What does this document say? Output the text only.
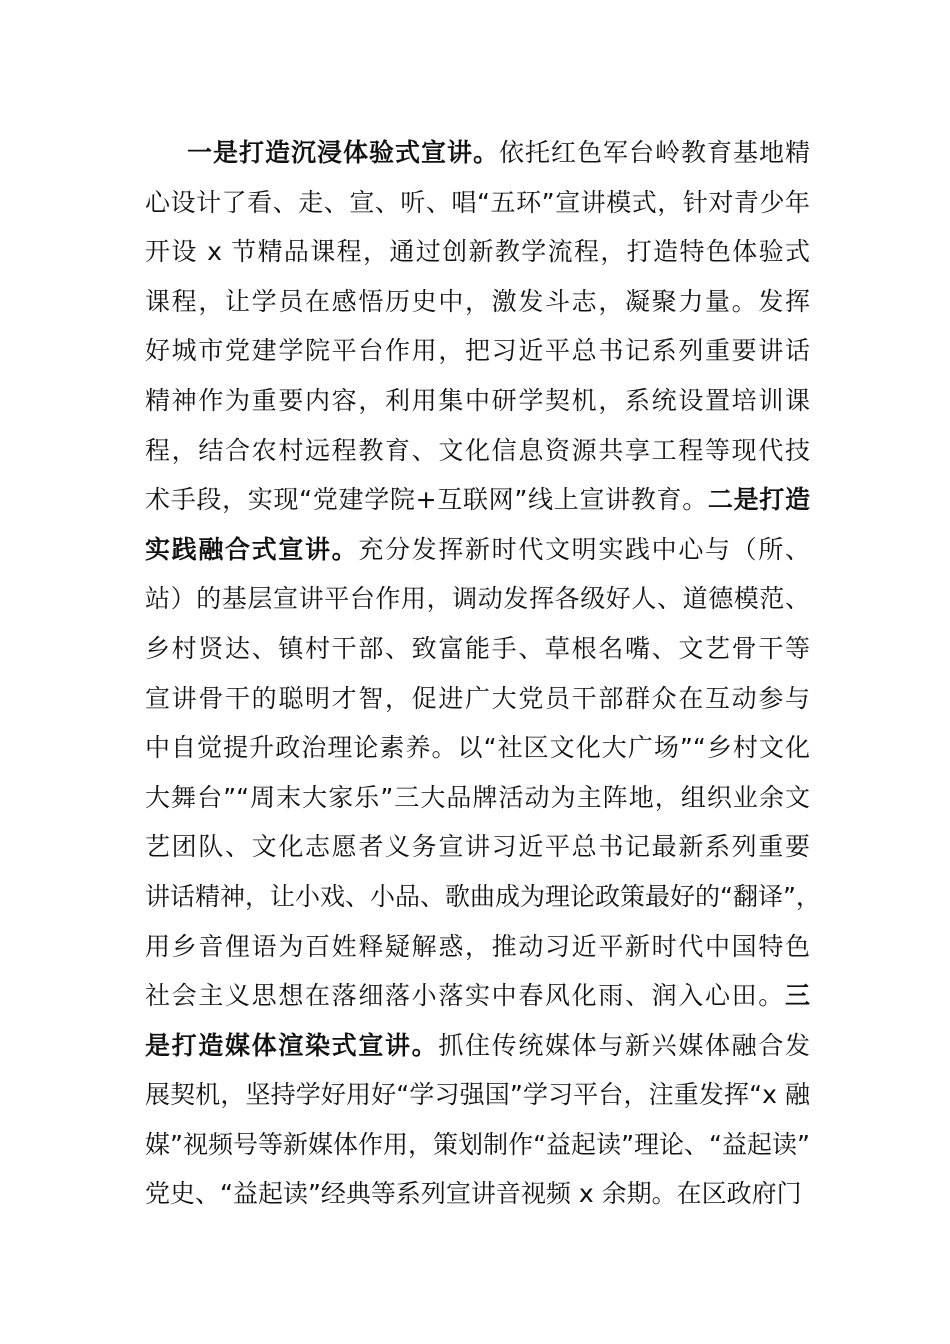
一是打造沉浸体验式宣讲。依托红色军台岭教育基地精
心设计了看、走、宣、听、唱“五环”宣讲模式，针对青少年
开设 x 节精品课程，通过创新教学流程，打造特色体验式
课程，让学员在感悟历史中，激发斗志，凝聚力量。发挥
好城市党建学院平台作用，把习近平总书记系列重要讲话
精神作为重要内容，利用集中研学契机，系统设置培训课
程，结合农村远程教育、文化信息资源共享工程等现代技
术手段，实现“党建学院+互联网”线上宣讲教育。二是打造
实践融合式宣讲。充分发挥新时代文明实践中心与（所、
站）的基层宣讲平台作用，调动发挥各级好人、道德模范、
乡村贤达、镇村干部、致富能手、草根名嘴、文艺骨干等
宣讲骨干的聪明才智，促进广大党员干部群众在互动参与
中自觉提升政治理论素养。以“社区文化大广场”“乡村文化
大舞台”“周末大家乐”三大品牌活动为主阵地，组织业余文
艺团队、文化志愿者义务宣讲习近平总书记最新系列重要
讲话精神，让小戏、小品、歌曲成为理论政策最好的“翻译”，
用乡音俚语为百姓释疑解惑，推动习近平新时代中国特色
社会主义思想在落细落小落实中春风化雨、润入心田。三
是打造媒体渲染式宣讲。抓住传统媒体与新兴媒体融合发
展契机，坚持学好用好“学习强国”学习平台，注重发挥“x 融
媒”视频号等新媒体作用，策划制作“益起读”理论、“益起读”
党史、“益起读”经典等系列宣讲音视频 x 余期。在区政府门
